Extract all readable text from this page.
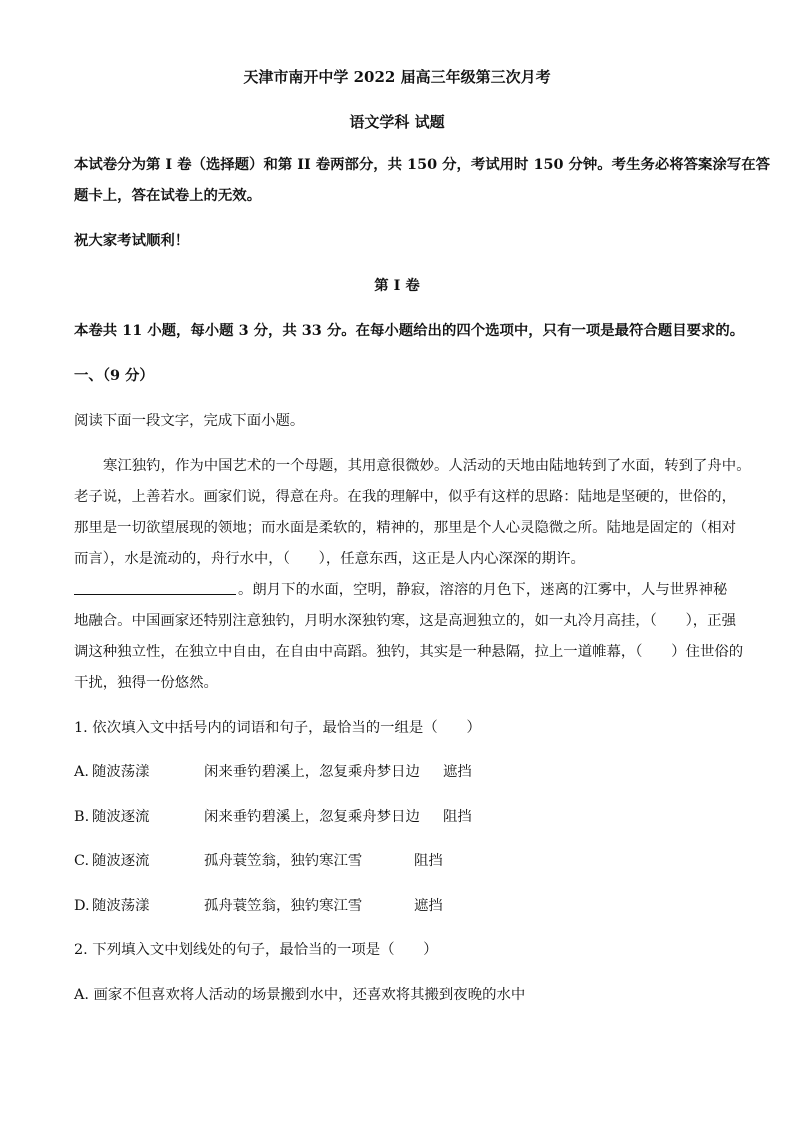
天津市南开中学 2022 届高三年级第三次月考
语文学科 试题
本试卷分为第 I 卷（选择题）和第 II 卷两部分，共 150 分，考试用时 150 分钟。考生务必将答案涂写在答
题卡上，答在试卷上的无效。
祝大家考试顺利！
第 I 卷
本卷共 11 小题，每小题 3 分，共 33 分。在每小题给出的四个选项中，只有一项是最符合题目要求的。
一、（9 分）
阅读下面一段文字，完成下面小题。
寒江独钓，作为中国艺术的一个母题，其用意很微妙。人活动的天地由陆地转到了水面，转到了舟中。
老子说，上善若水。画家们说，得意在舟。在我的理解中，似乎有这样的思路：陆地是坚硬的，世俗的，
那里是一切欲望展现的领地；而水面是柔软的，精神的，那里是个人心灵隐微之所。陆地是固定的（相对
而言），水是流动的，舟行水中，（　　），任意东西，这正是人内心深深的期许。
。朗月下的水面，空明，静寂，溶溶的月色下，迷离的江雾中，人与世界神秘
地融合。中国画家还特别注意独钓，月明水深独钓寒，这是高迥独立的，如一丸冷月高挂，（　　），正强
调这种独立性，在独立中自由，在自由中高蹈。独钓，其实是一种悬隔，拉上一道帷幕，（　　）住世俗的
干扰，独得一份悠然。
1. 依次填入文中括号内的词语和句子，最恰当的一组是（　　）
A. 随波荡漾	闲来垂钓碧溪上，忽复乘舟梦日边 遮挡
B. 随波逐流	闲来垂钓碧溪上，忽复乘舟梦日边 阻挡
C. 随波逐流	孤舟蓑笠翁，独钓寒江雪	阻挡
D. 随波荡漾	孤舟蓑笠翁，独钓寒江雪	遮挡
2. 下列填入文中划线处的句子，最恰当的一项是（　　）
A. 画家不但喜欢将人活动的场景搬到水中，还喜欢将其搬到夜晚的水中
